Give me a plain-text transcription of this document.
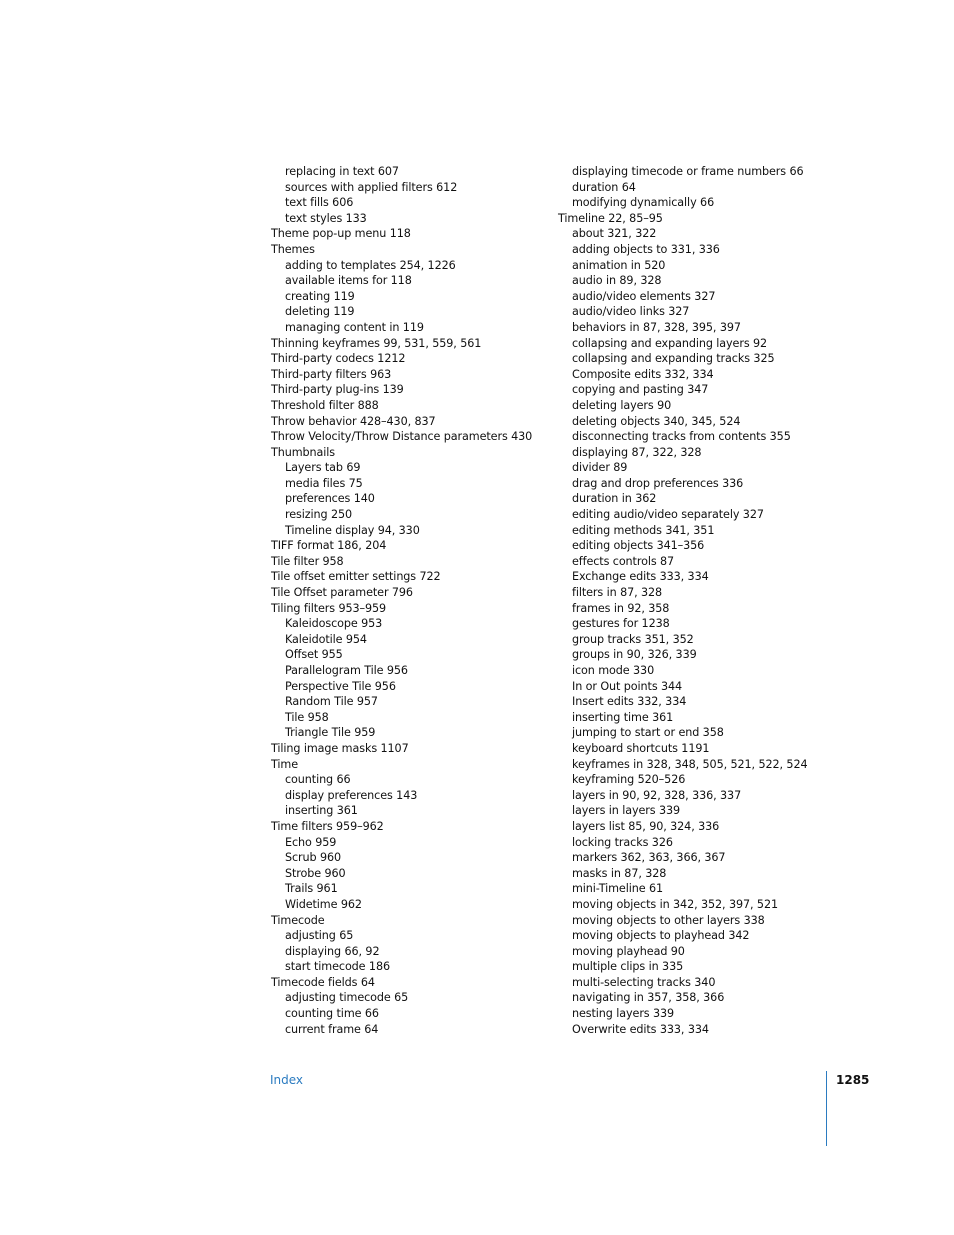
replacing in text 607
sources with applied filters 612
text fills 606
text styles 133
Theme pop-up menu 118
Themes
adding to templates 254, 1226
available items for 118
creating 119
deleting 119
managing content in 119
Thinning keyframes 99, 531, 559, 561
Third-party codecs 1212
Third-party filters 963
Third-party plug-ins 139
Threshold filter 888
Throw behavior 428–430, 837
Throw Velocity/Throw Distance parameters 430
Thumbnails
Layers tab 69
media files 75
preferences 140
resizing 250
Timeline display 94, 330
TIFF format 186, 204
Tile filter 958
Tile offset emitter settings 722
Tile Offset parameter 796
Tiling filters 953–959
Kaleidoscope 953
Kaleidotile 954
Offset 955
Parallelogram Tile 956
Perspective Tile 956
Random Tile 957
Tile 958
Triangle Tile 959
Tiling image masks 1107
Time
counting 66
display preferences 143
inserting 361
Time filters 959–962
Echo 959
Scrub 960
Strobe 960
Trails 961
Widetime 962
Timecode
adjusting 65
displaying 66, 92
start timecode 186
Timecode fields 64
adjusting timecode 65
counting time 66
current frame 64
displaying timecode or frame numbers 66
duration 64
modifying dynamically 66
Timeline 22, 85–95
about 321, 322
adding objects to 331, 336
animation in 520
audio in 89, 328
audio/video elements 327
audio/video links 327
behaviors in 87, 328, 395, 397
collapsing and expanding layers 92
collapsing and expanding tracks 325
Composite edits 332, 334
copying and pasting 347
deleting layers 90
deleting objects 340, 345, 524
disconnecting tracks from contents 355
displaying 87, 322, 328
divider 89
drag and drop preferences 336
duration in 362
editing audio/video separately 327
editing methods 341, 351
editing objects 341–356
effects controls 87
Exchange edits 333, 334
filters in 87, 328
frames in 92, 358
gestures for 1238
group tracks 351, 352
groups in 90, 326, 339
icon mode 330
In or Out points 344
Insert edits 332, 334
inserting time 361
jumping to start or end 358
keyboard shortcuts 1191
keyframes in 328, 348, 505, 521, 522, 524
keyframing 520–526
layers in 90, 92, 328, 336, 337
layers in layers 339
layers list 85, 90, 324, 336
locking tracks 326
markers 362, 363, 366, 367
masks in 87, 328
mini-Timeline 61
moving objects in 342, 352, 397, 521
moving objects to other layers 338
moving objects to playhead 342
moving playhead 90
multiple clips in 335
multi-selecting tracks 340
navigating in 357, 358, 366
nesting layers 339
Overwrite edits 333, 334
Index	1285
